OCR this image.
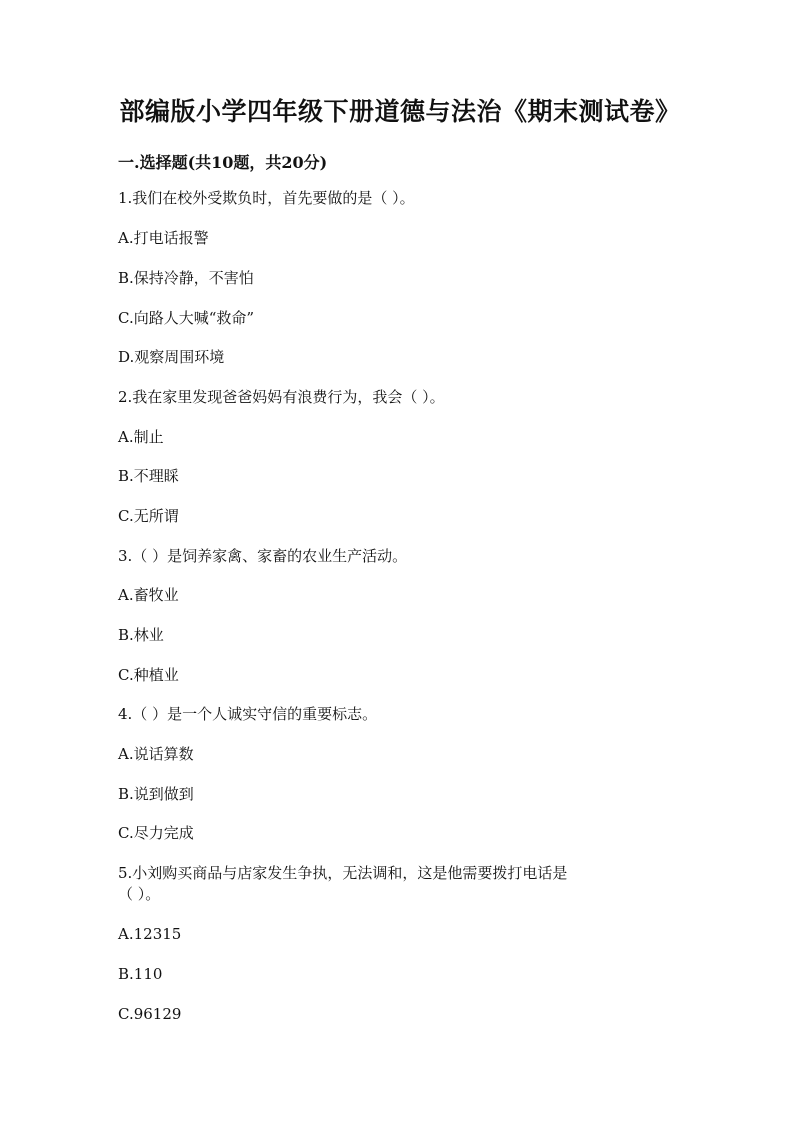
部编版小学四年级下册道德与法治《期末测试卷》
一.选择题(共10题，共20分)
1.我们在校外受欺负时，首先要做的是（ ）。
A.打电话报警
B.保持冷静，不害怕
C.向路人大喊“救命”
D.观察周围环境
2.我在家里发现爸爸妈妈有浪费行为，我会（ ）。
A.制止
B.不理睬
C.无所谓
3.（ ）是饲养家禽、家畜的农业生产活动。
A.畜牧业
B.林业
C.种植业
4.（ ）是一个人诚实守信的重要标志。
A.说话算数
B.说到做到
C.尽力完成
5.小刘购买商品与店家发生争执，无法调和，这是他需要拨打电话是
（ ）。
A.12315
B.110
C.96129
